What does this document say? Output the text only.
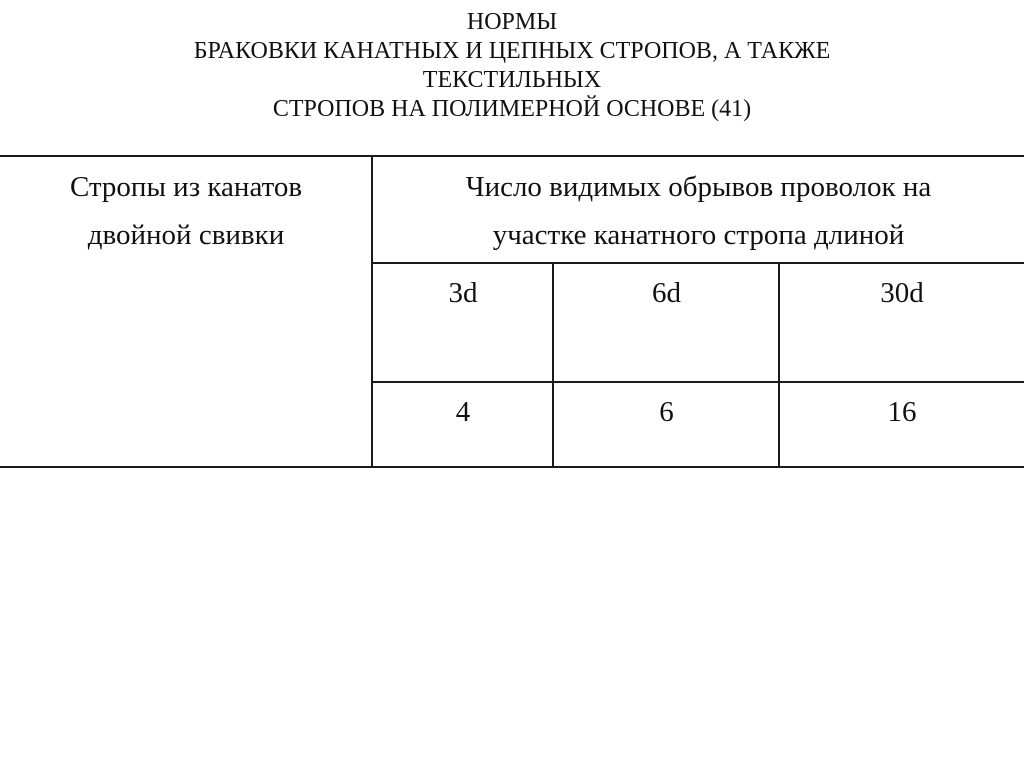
НОРМЫ
БРАКОВКИ КАНАТНЫХ И ЦЕПНЫХ СТРОПОВ, А ТАКЖЕ
ТЕКСТИЛЬНЫХ
СТРОПОВ НА ПОЛИМЕРНОЙ ОСНОВЕ (41)
Стропы из канатов
двойной свивки
Число видимых обрывов проволок на
участке канатного стропа длиной
3d	6d	30d
4	6	16
